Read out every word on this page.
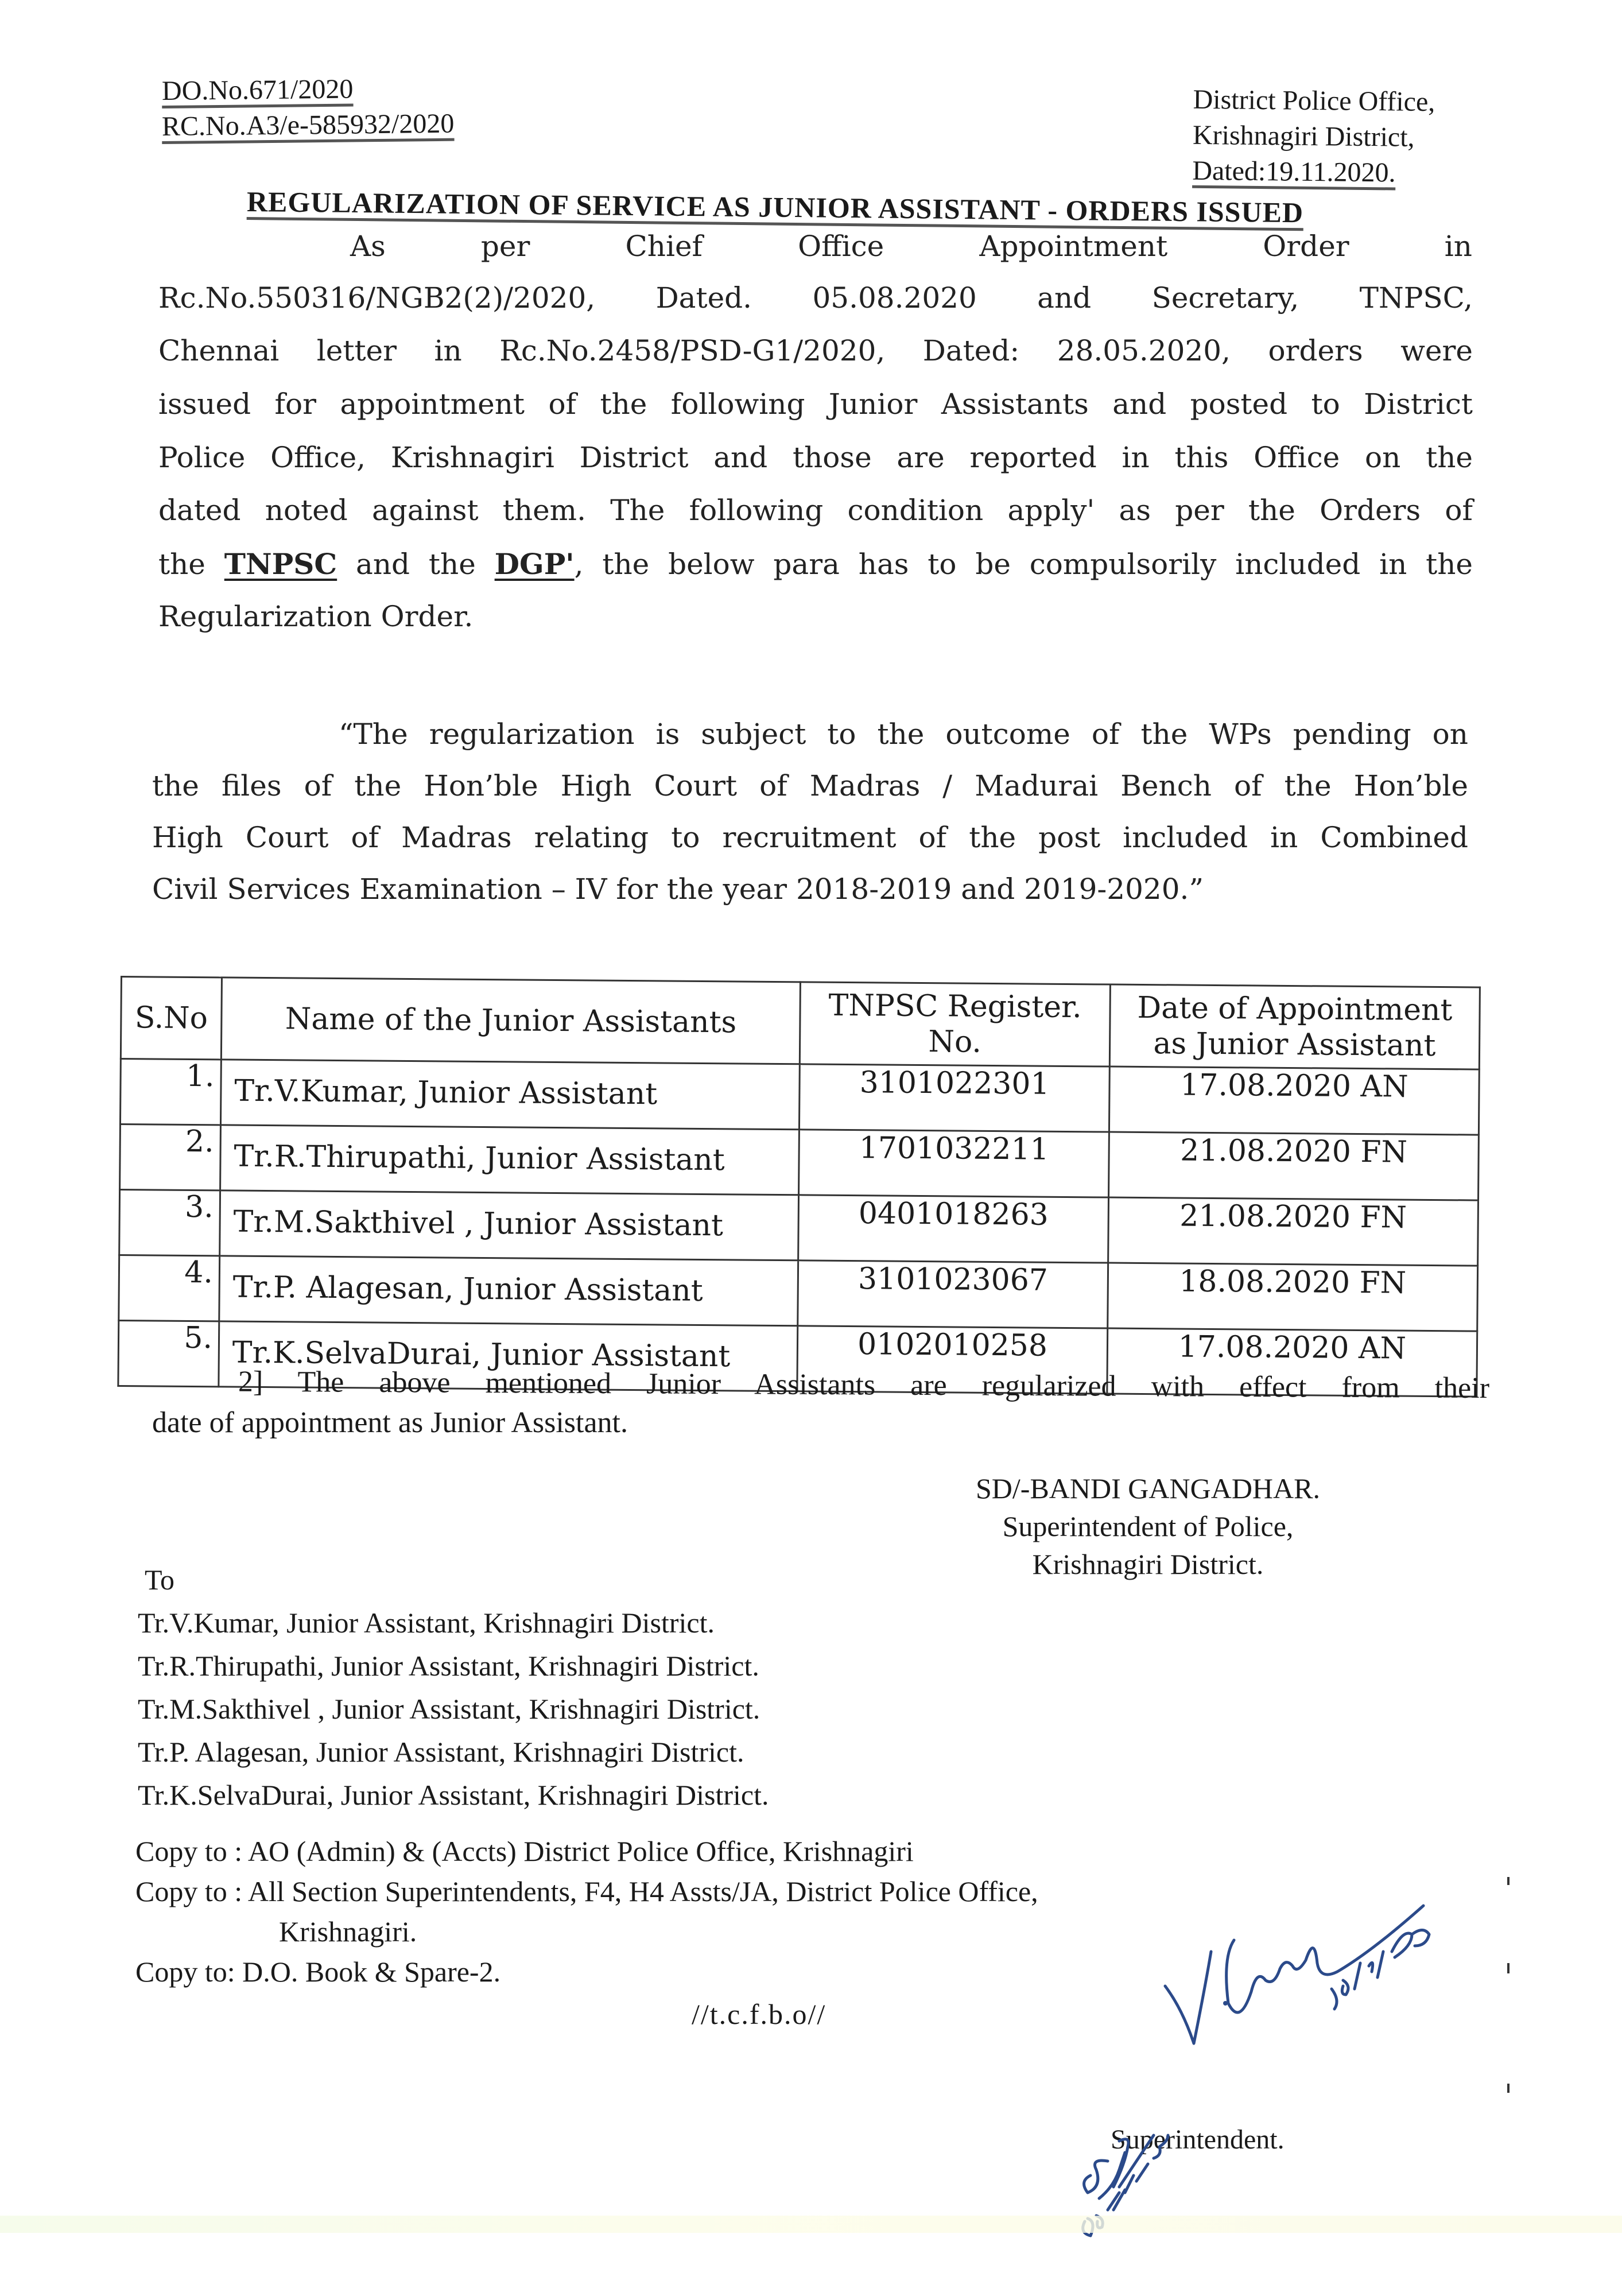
DO.No.671/2020
RC.No.A3/e-585932/2020
District Police Office,
Krishnagiri District,
Dated:19.11.2020.
REGULARIZATION OF SERVICE AS JUNIOR ASSISTANT - ORDERS ISSUED
As per Chief Office Appointment Order in
Rc.No.550316/NGB2(2)/2020, Dated. 05.08.2020 and Secretary, TNPSC,
Chennai letter in Rc.No.2458/PSD-G1/2020, Dated: 28.05.2020, orders were
issued for appointment of the following Junior Assistants and posted to District
Police Office, Krishnagiri District and those are reported in this Office on the
dated noted against them. The following condition apply' as per the Orders of
the TNPSC and the DGP', the below para has to be compulsorily included in the
Regularization Order.
“The regularization is subject to the outcome of the WPs pending on
the files of the Hon’ble High Court of Madras / Madurai Bench of the Hon’ble
High Court of Madras relating to recruitment of the post included in Combined
Civil Services Examination – IV for the year 2018-2019 and 2019-2020.”
S.No	Name of the Junior Assistants	TNPSC Register. No.	Date of Appointment as Junior Assistant
1.	Tr.V.Kumar, Junior Assistant	3101022301	17.08.2020 AN
2.	Tr.R.Thirupathi, Junior Assistant	1701032211	21.08.2020 FN
3.	Tr.M.Sakthivel , Junior Assistant	0401018263	21.08.2020 FN
4.	Tr.P. Alagesan, Junior Assistant	3101023067	18.08.2020 FN
5.	Tr.K.SelvaDurai, Junior Assistant	0102010258	17.08.2020 AN
2] The above mentioned Junior Assistants are regularized with effect from their
date of appointment as Junior Assistant.
SD/-BANDI GANGADHAR.
Superintendent of Police,
Krishnagiri District.
To
Tr.V.Kumar, Junior Assistant, Krishnagiri District.
Tr.R.Thirupathi, Junior Assistant, Krishnagiri District.
Tr.M.Sakthivel , Junior Assistant, Krishnagiri District.
Tr.P. Alagesan, Junior Assistant, Krishnagiri District.
Tr.K.SelvaDurai, Junior Assistant, Krishnagiri District.
Copy to : AO (Admin) & (Accts) District Police Office, Krishnagiri
Copy to : All Section Superintendents, F4, H4 Assts/JA, District Police Office,
Krishnagiri.
Copy to: D.O. Book & Spare-2.
//t.c.f.b.o//
Superintendent.
